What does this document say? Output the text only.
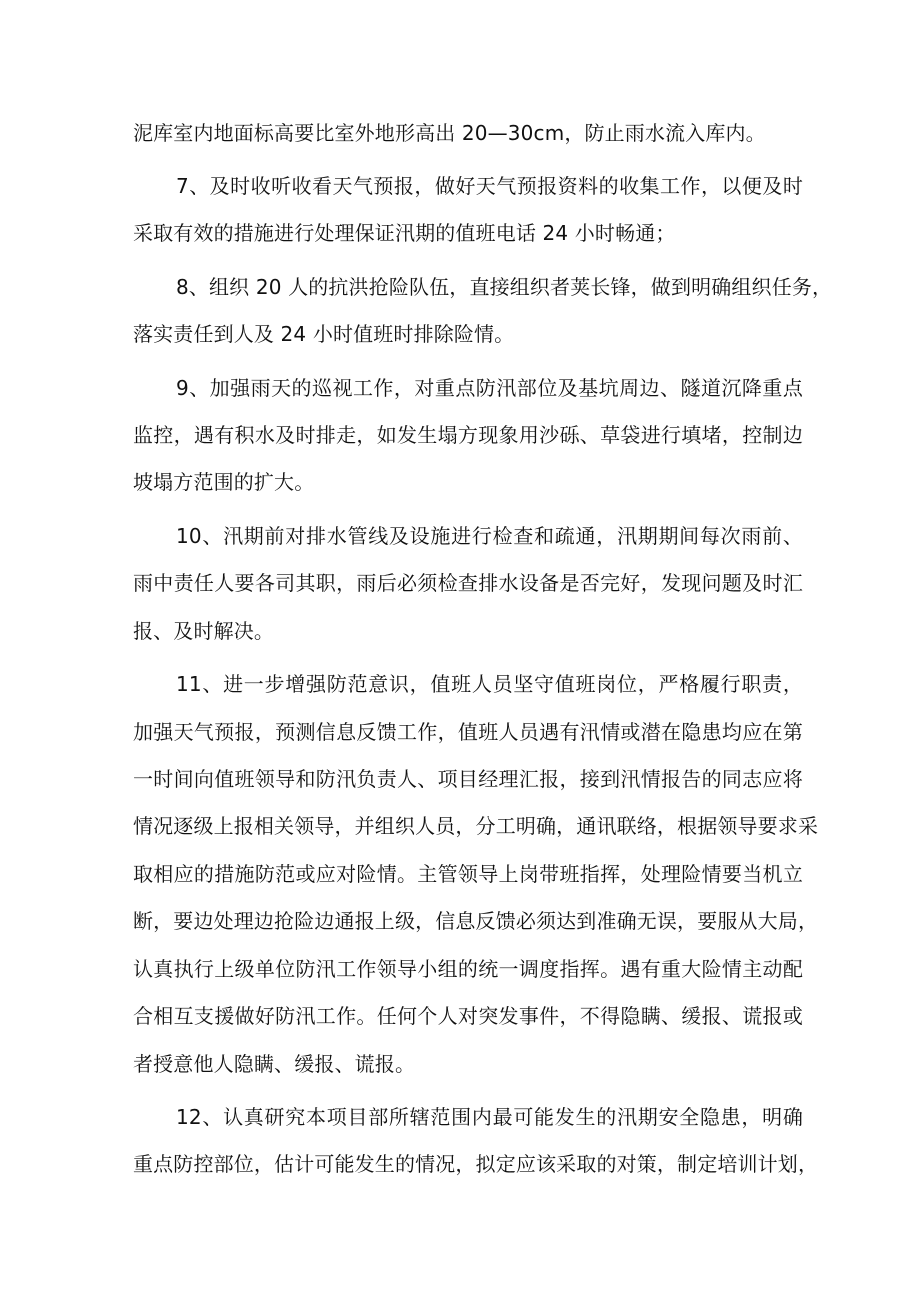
泥库室内地面标高要比室外地形高出 20—30cm，防止雨水流入库内。
7、及时收听收看天气预报，做好天气预报资料的收集工作，以便及时
采取有效的措施进行处理保证汛期的值班电话 24 小时畅通；
8、组织 20 人的抗洪抢险队伍，直接组织者荚长锋，做到明确组织任务，
落实责任到人及 24 小时值班时排除险情。
9、加强雨天的巡视工作，对重点防汛部位及基坑周边、隧道沉降重点
监控，遇有积水及时排走，如发生塌方现象用沙砾、草袋进行填堵，控制边
坡塌方范围的扩大。
10、汛期前对排水管线及设施进行检查和疏通，汛期期间每次雨前、
雨中责任人要各司其职，雨后必须检查排水设备是否完好，发现问题及时汇
报、及时解决。
11、进一步增强防范意识，值班人员坚守值班岗位，严格履行职责，
加强天气预报，预测信息反馈工作，值班人员遇有汛情或潜在隐患均应在第
一时间向值班领导和防汛负责人、项目经理汇报，接到汛情报告的同志应将
情况逐级上报相关领导，并组织人员，分工明确，通讯联络，根据领导要求采
取相应的措施防范或应对险情。主管领导上岗带班指挥，处理险情要当机立
断，要边处理边抢险边通报上级，信息反馈必须达到准确无误，要服从大局，
认真执行上级单位防汛工作领导小组的统一调度指挥。遇有重大险情主动配
合相互支援做好防汛工作。任何个人对突发事件，不得隐瞒、缓报、谎报或
者授意他人隐瞒、缓报、谎报。
12、认真研究本项目部所辖范围内最可能发生的汛期安全隐患，明确
重点防控部位，估计可能发生的情况，拟定应该采取的对策，制定培训计划，
